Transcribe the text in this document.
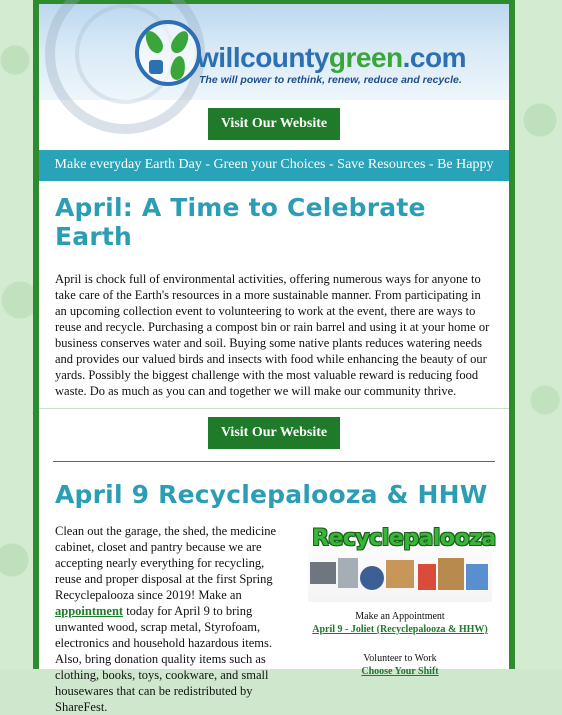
willcountygreen.com
The will power to rethink, renew, reduce and recycle.
Visit Our Website
Make everyday Earth Day - Green your Choices - Save Resources - Be Happy
April: A Time to Celebrate Earth

April is chock full of environmental activities, offering numerous ways for anyone to take care of the Earth's resources in a more sustainable manner. From participating in an upcoming collection event to volunteering to work at the event, there are ways to reuse and recycle. Purchasing a compost bin or rain barrel and using it at your home or business conserves water and soil. Buying some native plants reduces watering needs and provides our valued birds and insects with food while enhancing the beauty of our yards. Possibly the biggest challenge with the most valuable reward is reducing food waste. Do as much as you can and together we will make our community thrive.

Visit Our Website
April 9 Recyclepalooza & HHW
Clean out the garage, the shed, the medicine cabinet, closet and pantry because we are accepting nearly everything for recycling, reuse and proper disposal at the first Spring Recyclepalooza since 2019! Make an appointment today for April 9 to bring unwanted wood, scrap metal, Styrofoam, electronics and household hazardous items. Also, bring donation quality items such as clothing, books, toys, cookware, and small housewares that can be redistributed by ShareFest.
Recyclepalooza
Make an Appointment
April 9 - Joliet (Recyclepalooza & HHW)
Volunteer to Work
Choose Your Shift
